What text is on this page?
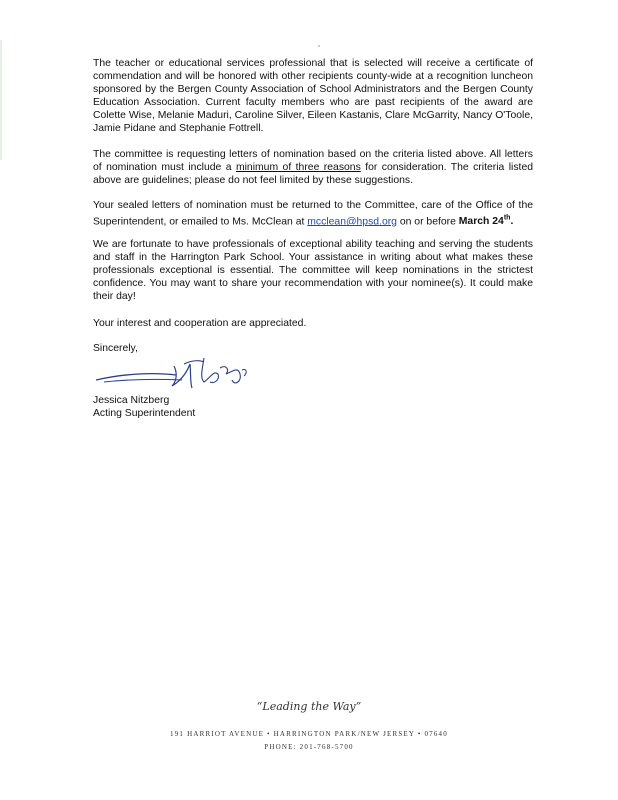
The teacher or educational services professional that is selected will receive a certificate of commendation and will be honored with other recipients county-wide at a recognition luncheon sponsored by the Bergen County Association of School Administrators and the Bergen County Education Association. Current faculty members who are past recipients of the award are Colette Wise, Melanie Maduri, Caroline Silver, Eileen Kastanis, Clare McGarrity, Nancy O'Toole, Jamie Pidane and Stephanie Fottrell.

The committee is requesting letters of nomination based on the criteria listed above. All letters of nomination must include a minimum of three reasons for consideration. The criteria listed above are guidelines; please do not feel limited by these suggestions.

Your sealed letters of nomination must be returned to the Committee, care of the Office of the Superintendent, or emailed to Ms. McClean at mcclean@hpsd.org on or before March 24th.

We are fortunate to have professionals of exceptional ability teaching and serving the students and staff in the Harrington Park School. Your assistance in writing about what makes these professionals exceptional is essential. The committee will keep nominations in the strictest confidence. You may want to share your recommendation with your nominee(s). It could make their day!

Your interest and cooperation are appreciated.

Sincerely,

Jessica Nitzberg
Acting Superintendent
“Leading the Way”
191 HARRIOT AVENUE • HARRINGTON PARK/NEW JERSEY • 07640
PHONE: 201-768-5700
